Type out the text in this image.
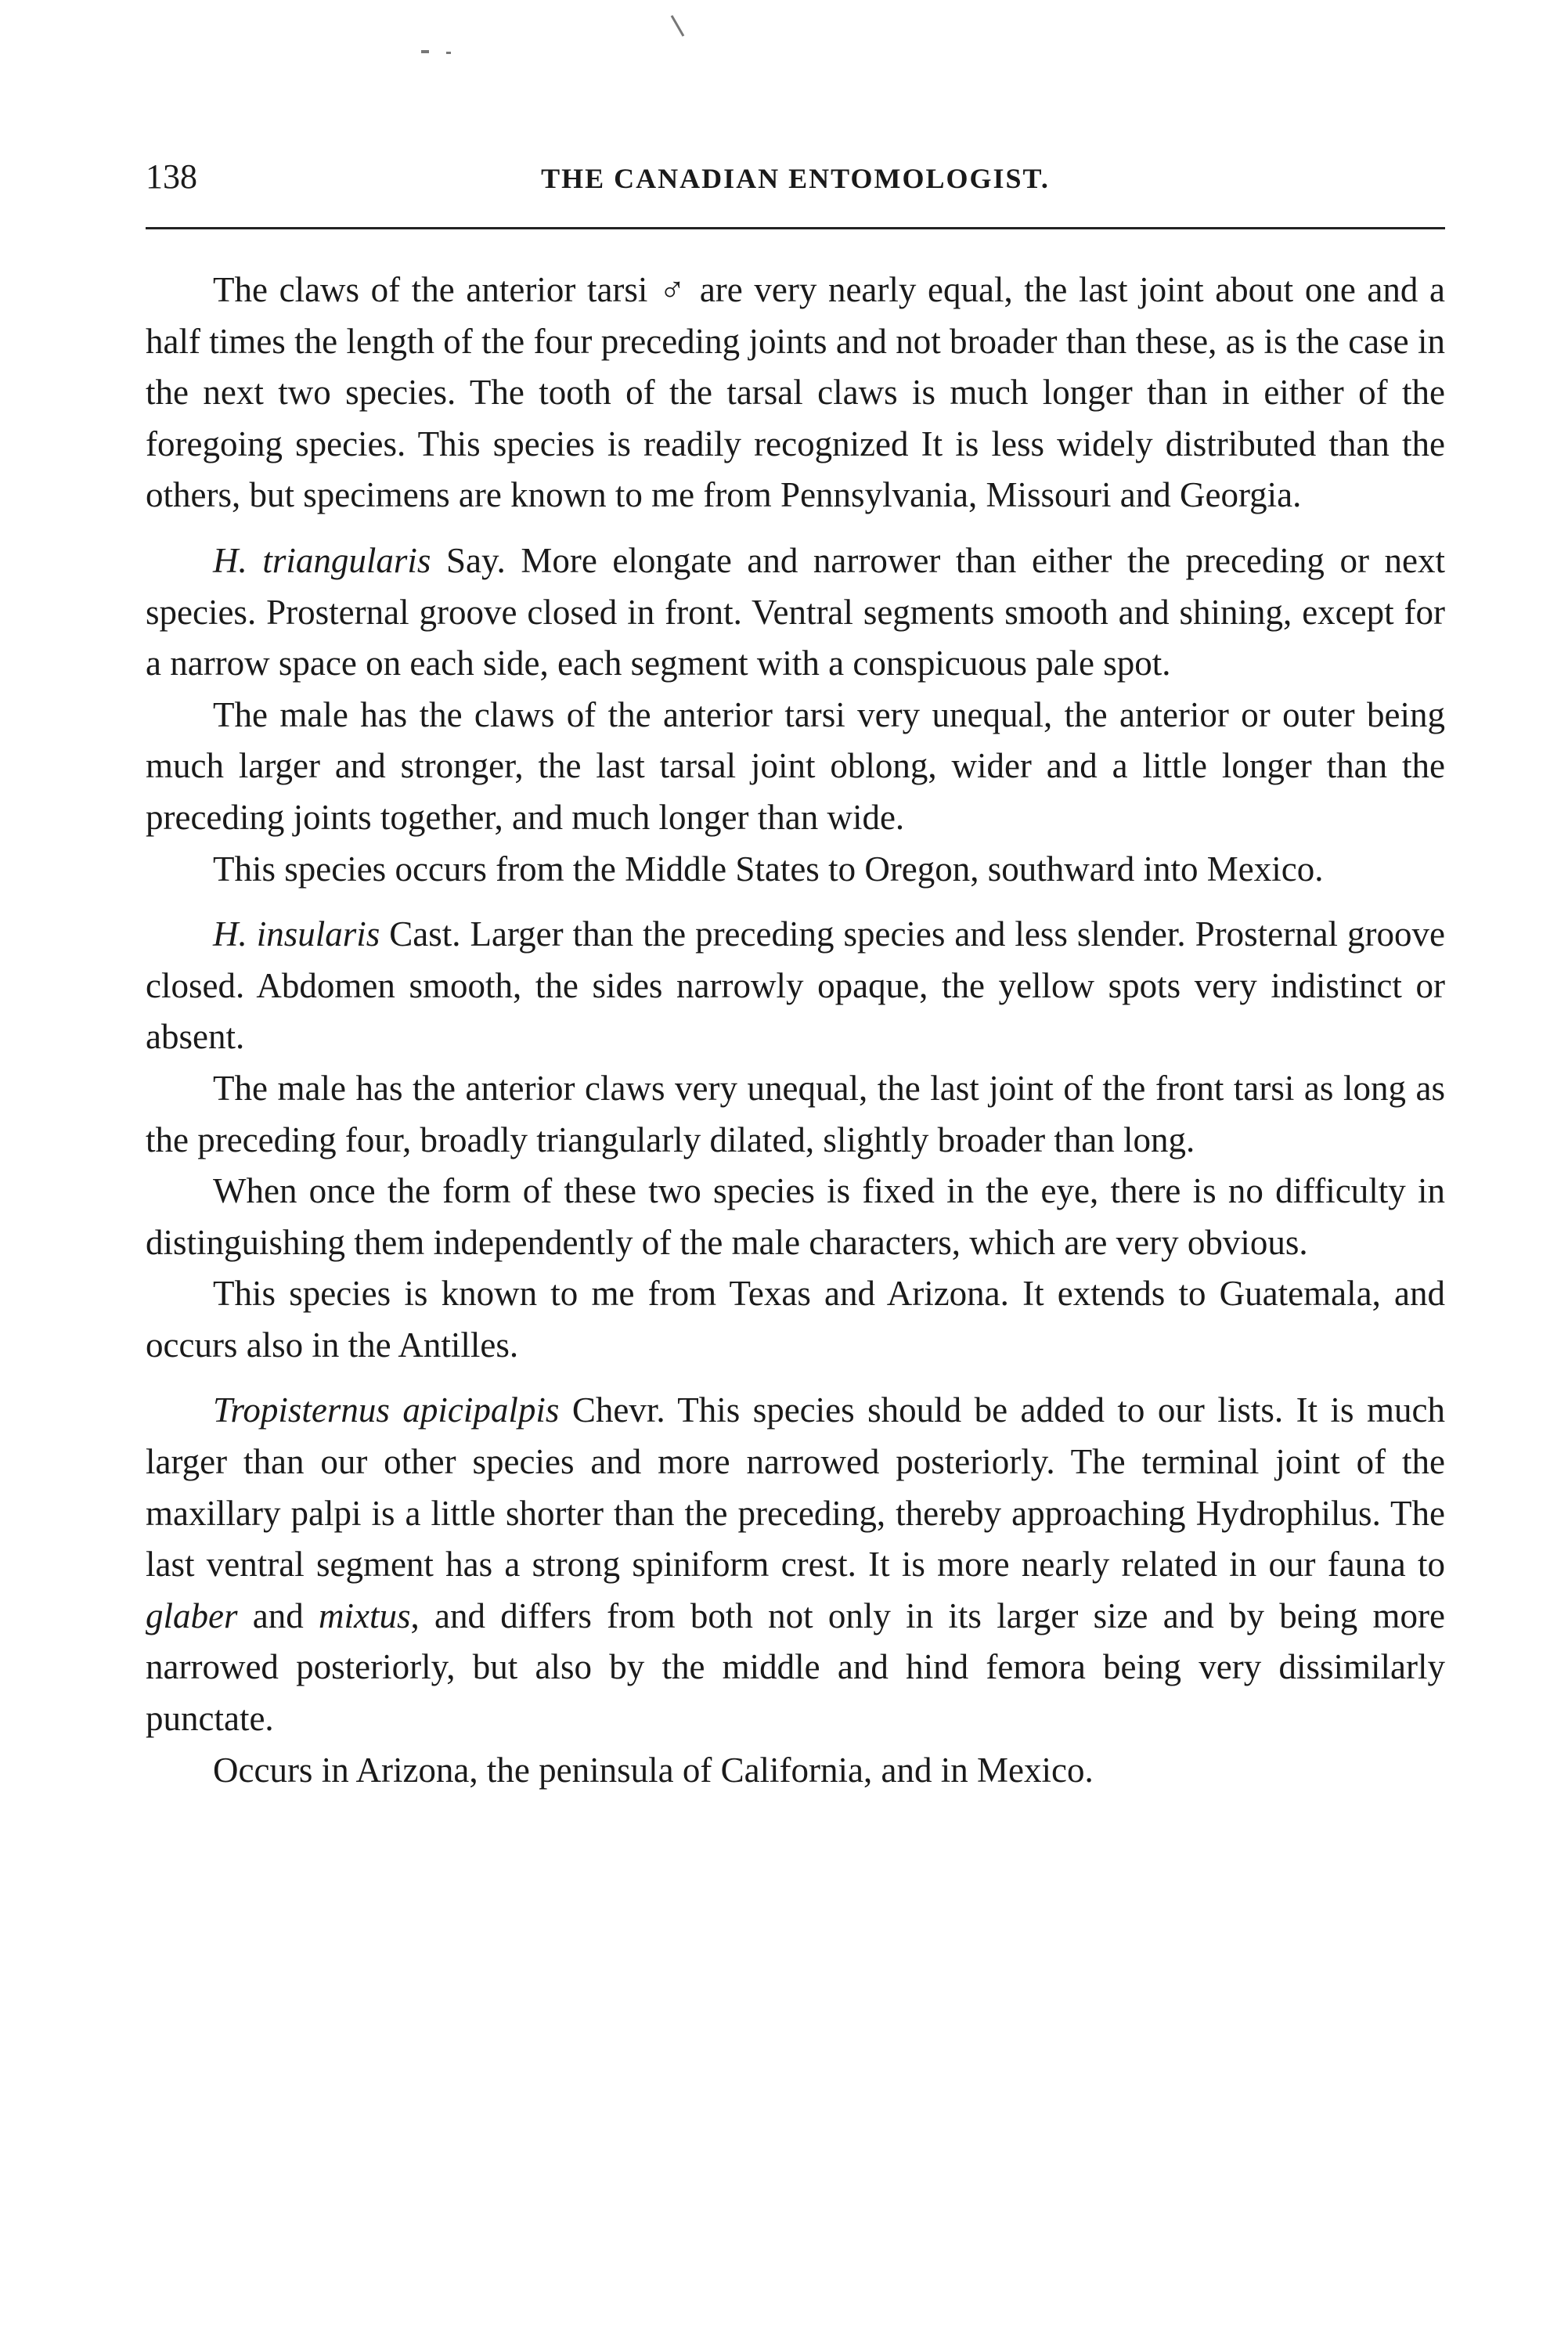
138	THE CANADIAN ENTOMOLOGIST.

The claws of the anterior tarsi ♂ are very nearly equal, the last joint about one and a half times the length of the four preceding joints and not broader than these, as is the case in the next two species. The tooth of the tarsal claws is much longer than in either of the foregoing species. This species is readily recognized It is less widely distributed than the others, but specimens are known to me from Pennsylvania, Missouri and Georgia.

H. triangularis Say. More elongate and narrower than either the preceding or next species. Prosternal groove closed in front. Ventral segments smooth and shining, except for a narrow space on each side, each segment with a conspicuous pale spot.

The male has the claws of the anterior tarsi very unequal, the anterior or outer being much larger and stronger, the last tarsal joint oblong, wider and a little longer than the preceding joints together, and much longer than wide.

This species occurs from the Middle States to Oregon, southward into Mexico.

H. insularis Cast. Larger than the preceding species and less slender. Prosternal groove closed. Abdomen smooth, the sides narrowly opaque, the yellow spots very indistinct or absent.

The male has the anterior claws very unequal, the last joint of the front tarsi as long as the preceding four, broadly triangularly dilated, slightly broader than long.

When once the form of these two species is fixed in the eye, there is no difficulty in distinguishing them independently of the male characters, which are very obvious.

This species is known to me from Texas and Arizona. It extends to Guatemala, and occurs also in the Antilles.

Tropisternus apicipalpis Chevr. This species should be added to our lists. It is much larger than our other species and more narrowed posteriorly. The terminal joint of the maxillary palpi is a little shorter than the preceding, thereby approaching Hydrophilus. The last ventral segment has a strong spiniform crest. It is more nearly related in our fauna to glaber and mixtus, and differs from both not only in its larger size and by being more narrowed posteriorly, but also by the middle and hind femora being very dissimilarly punctate.

Occurs in Arizona, the peninsula of California, and in Mexico.
